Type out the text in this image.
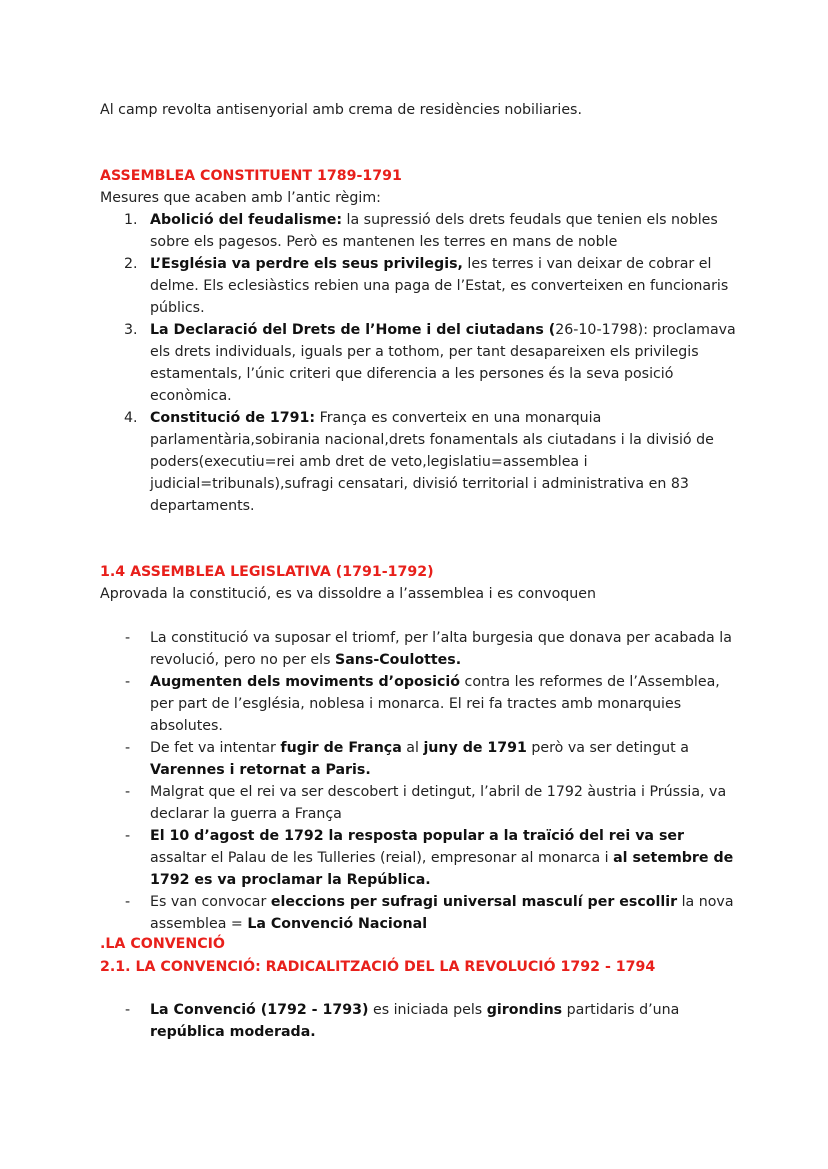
Al camp revolta antisenyorial amb crema de residències nobiliaries.

ASSEMBLEA CONSTITUENT 1789-1791

Mesures que acaben amb l’antic règim:

1. Abolició del feudalisme: la supressió dels drets feudals que tenien els nobles sobre els pagesos. Però es mantenen les terres en mans de noble
2. L’Església va perdre els seus privilegis, les terres i van deixar de cobrar el delme. Els eclesiàstics rebien una paga de l’Estat, es converteixen en funcionaris públics.
3. La Declaració del Drets de l’Home i del ciutadans (26-10-1798): proclamava els drets individuals, iguals per a tothom, per tant desapareixen els privilegis estamentals, l’únic criteri que diferencia a les persones és la seva posició econòmica.
4. Constitució de 1791: França es converteix en una monarquia parlamentària,sobirania nacional,drets fonamentals als ciutadans i la divisió de poders(executiu=rei amb dret de veto,legislatiu=assemblea i judicial=tribunals),sufragi censatari, divisió territorial i administrativa en 83 departaments.

1.4 ASSEMBLEA LEGISLATIVA (1791-1792)

Aprovada la constitució, es va dissoldre a l’assemblea i es convoquen

- La constitució va suposar el triomf, per l’alta burgesia que donava per acabada la revolució, pero no per els Sans-Coulottes.
- Augmenten dels moviments d’oposició contra les reformes de l’Assemblea, per part de l’església, noblesa i monarca. El rei fa tractes amb monarquies absolutes.
- De fet va intentar fugir de França al juny de 1791 però va ser detingut a Varennes i retornat a Paris.
- Malgrat que el rei va ser descobert i detingut, l’abril de 1792 àustria i Prússia, va declarar la guerra a França
- El 10 d’agost de 1792 la resposta popular a la traïció del rei va ser assaltar el Palau de les Tulleries (reial), empresonar al monarca i al setembre de 1792 es va proclamar la República.
- Es van convocar eleccions per sufragi universal masculí per escollir la nova assemblea = La Convenció Nacional

.LA CONVENCIÓ

2.1. LA CONVENCIÓ: RADICALITZACIÓ DEL LA REVOLUCIÓ 1792 - 1794

- La Convenció (1792 - 1793) es iniciada pels girondins partidaris d’una república moderada.
